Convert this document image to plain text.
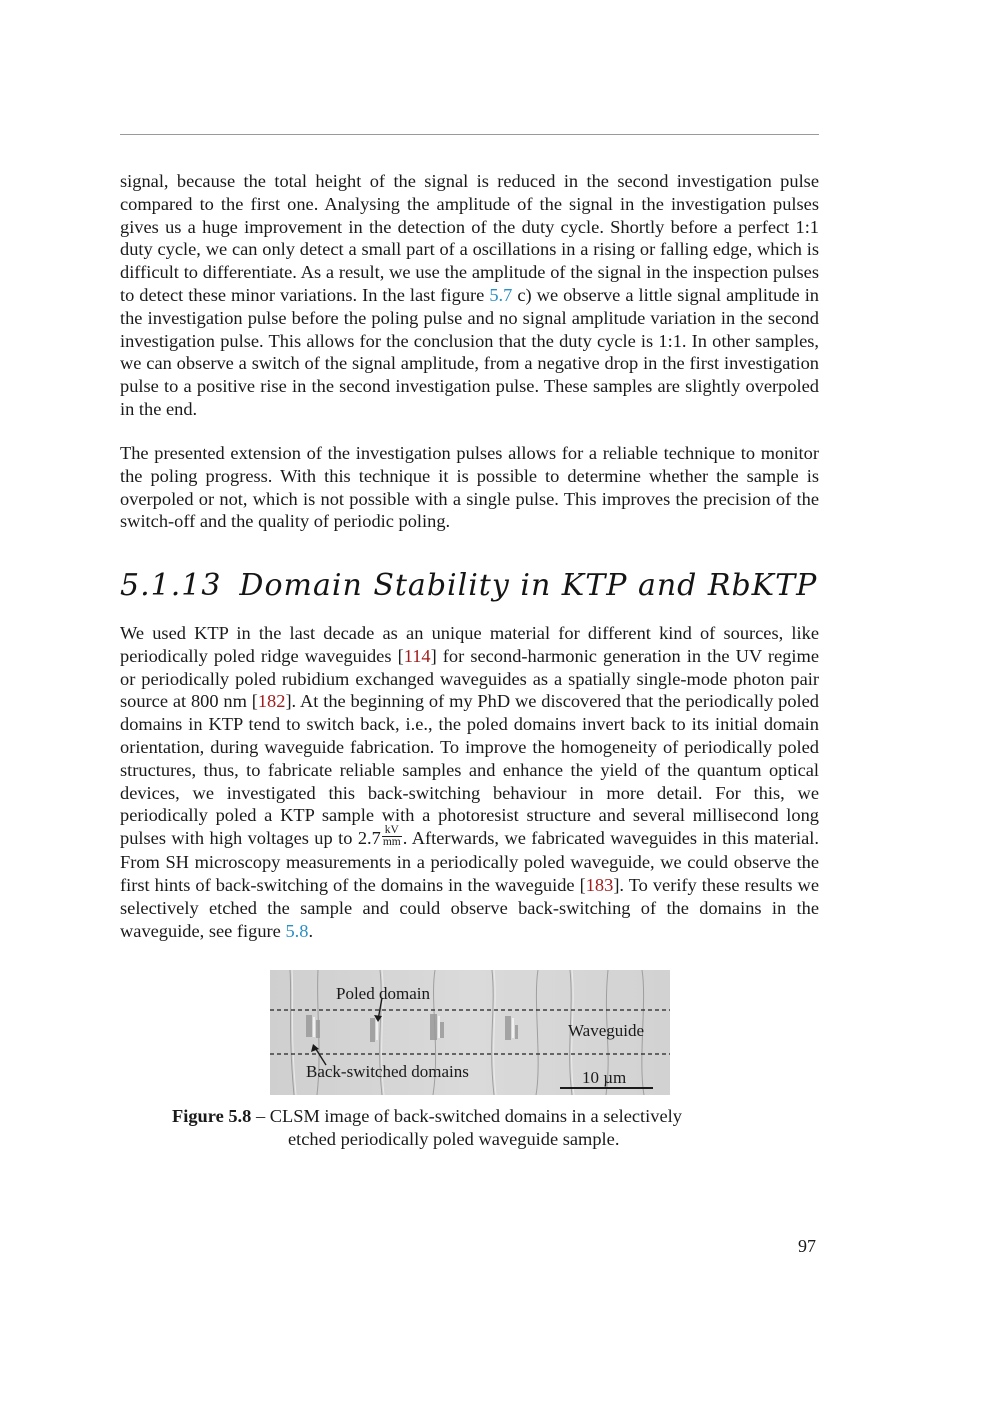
signal, because the total height of the signal is reduced in the second investigation pulse compared to the first one. Analysing the amplitude of the signal in the investigation pulses gives us a huge improvement in the detection of the duty cycle. Shortly before a perfect 1:1 duty cycle, we can only detect a small part of a oscillations in a rising or falling edge, which is difficult to differentiate. As a result, we use the amplitude of the signal in the inspection pulses to detect these minor variations. In the last figure 5.7 c) we observe a little signal amplitude in the investigation pulse before the poling pulse and no signal amplitude variation in the second investigation pulse. This allows for the conclusion that the duty cycle is 1:1. In other samples, we can observe a switch of the signal amplitude, from a negative drop in the first investigation pulse to a positive rise in the second investigation pulse. These samples are slightly overpoled in the end.

The presented extension of the investigation pulses allows for a reliable technique to monitor the poling progress. With this technique it is possible to determine whether the sample is overpoled or not, which is not possible with a single pulse. This improves the precision of the switch-off and the quality of periodic poling.

5.1.13 Domain Stability in KTP and RbKTP

We used KTP in the last decade as an unique material for different kind of sources, like periodically poled ridge waveguides [114] for second-harmonic generation in the UV regime or periodically poled rubidium exchanged waveguides as a spatially single-mode photon pair source at 800 nm [182]. At the beginning of my PhD we discovered that the periodically poled domains in KTP tend to switch back, i.e., the poled domains invert back to its initial domain orientation, during waveguide fabrication. To improve the homogeneity of periodically poled structures, thus, to fabricate reliable samples and enhance the yield of the quantum optical devices, we investigated this back-switching behaviour in more detail. For this, we periodically poled a KTP sample with a photoresist structure and several millisecond long pulses with high voltages up to $2.7 \frac{kV}{mm}$ . Afterwards, we fabricated waveguides in this material. From SH microscopy measurements in a periodically poled waveguide, we could observe the first hints of back-switching of the domains in the waveguide [183]. To verify these results we selectively etched the sample and could observe back-switching of the domains in the waveguide, see figure 5.8.

Poled domain
Waveguide
Back-switched domains	10 µm
Figure 5.8 – CLSM image of back-switched domains in a selectively
etched periodically poled waveguide sample.
97
